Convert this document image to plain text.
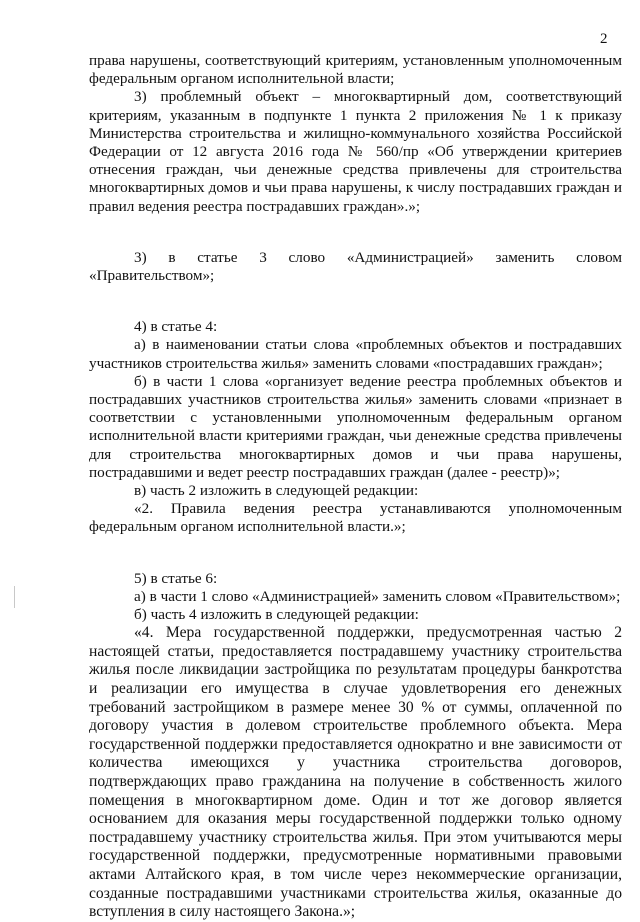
2

права нарушены, соответствующий критериям, установленным уполномоченным федеральным органом исполнительной власти;

3) проблемный объект – многоквартирный дом, соответствующий критериям, указанным в подпункте 1 пункта 2 приложения № 1 к приказу Министерства строительства и жилищно-коммунального хозяйства Российской Федерации от 12 августа 2016 года № 560/пр «Об утверждении критериев отнесения граждан, чьи денежные средства привлечены для строительства многоквартирных домов и чьи права нарушены, к числу пострадавших граждан и правил ведения реестра пострадавших граждан».»;

3) в статье 3 слово «Администрацией» заменить словом «Правительством»;

4) в статье 4:

а) в наименовании статьи слова «проблемных объектов и пострадавших участников строительства жилья» заменить словами «пострадавших граждан»;

б) в части 1 слова «организует ведение реестра проблемных объектов и пострадавших участников строительства жилья» заменить словами «признает в соответствии с установленными уполномоченным федеральным органом исполнительной власти критериями граждан, чьи денежные средства привлечены для строительства многоквартирных домов и чьи права нарушены, пострадавшими и ведет реестр пострадавших граждан (далее - реестр)»;

в) часть 2 изложить в следующей редакции:

«2. Правила ведения реестра устанавливаются уполномоченным федеральным органом исполнительной власти.»;

5) в статье 6:

а) в части 1 слово «Администрацией» заменить словом «Правительством»;

б) часть 4 изложить в следующей редакции:

«4. Мера государственной поддержки, предусмотренная частью 2 настоящей статьи, предоставляется пострадавшему участнику строительства жилья после ликвидации застройщика по результатам процедуры банкротства и реализации его имущества в случае удовлетворения его денежных требований застройщиком в размере менее 30 % от суммы, оплаченной по договору участия в долевом строительстве проблемного объекта. Мера государственной поддержки предоставляется однократно и вне зависимости от количества имеющихся у участника строительства договоров, подтверждающих право гражданина на получение в собственность жилого помещения в многоквартирном доме. Один и тот же договор является основанием для оказания меры государственной поддержки только одному пострадавшему участнику строительства жилья. При этом учитываются меры государственной поддержки, предусмотренные нормативными правовыми актами Алтайского края, в том числе через некоммерческие организации, созданные пострадавшими участниками строительства жилья, оказанные до вступления в силу настоящего Закона.»;
